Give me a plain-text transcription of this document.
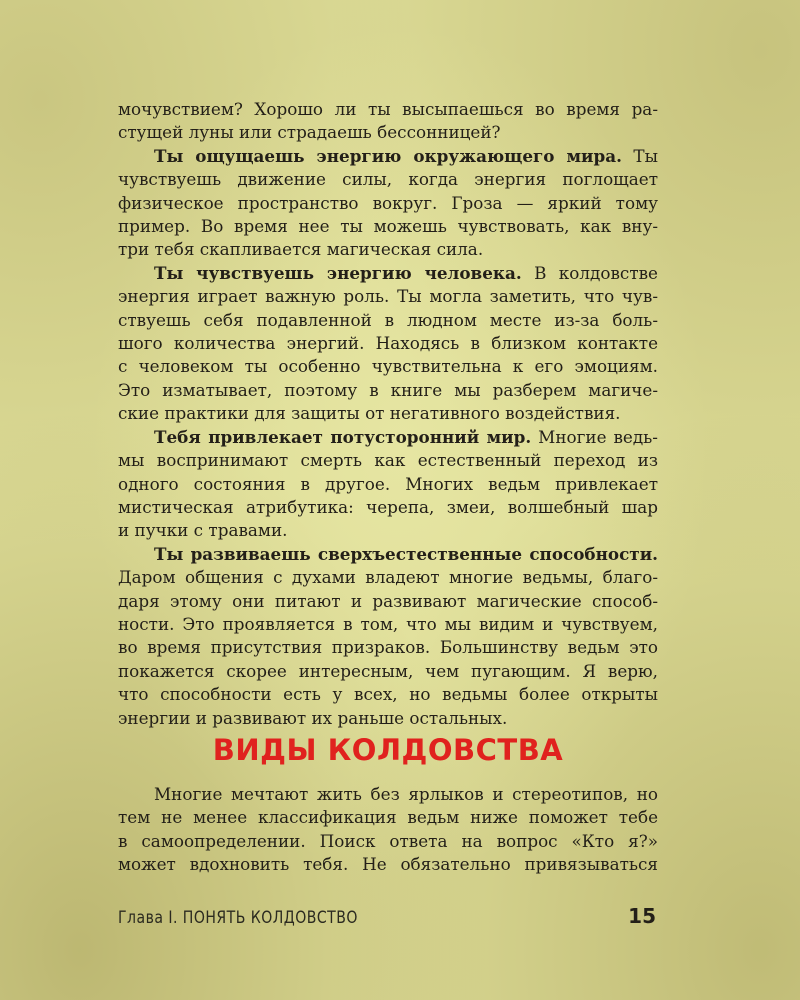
мочувствием? Хорошо ли ты высыпаешься во время ра-

стущей луны или страдаешь бессонницей?

Ты ощущаешь энергию окружающего мира. Ты

чувствуешь движение силы, когда энергия поглощает

физическое пространство вокруг. Гроза — яркий тому

пример. Во время нее ты можешь чувствовать, как вну-

три тебя скапливается магическая сила.

Ты чувствуешь энергию человека. В колдовстве

энергия играет важную роль. Ты могла заметить, что чув-

ствуешь себя подавленной в людном месте из-за боль-

шого количества энергий. Находясь в близком контакте

с человеком ты особенно чувствительна к его эмоциям.

Это изматывает, поэтому в книге мы разберем магиче-

ские практики для защиты от негативного воздействия.

Тебя привлекает потусторонний мир. Многие ведь-

мы воспринимают смерть как естественный переход из

одного состояния в другое. Многих ведьм привлекает

мистическая атрибутика: черепа, змеи, волшебный шар

и пучки с травами.

Ты развиваешь сверхъестественные способности.

Даром общения с духами владеют многие ведьмы, благо-

даря этому они питают и развивают магические способ-

ности. Это проявляется в том, что мы видим и чувствуем,

во время присутствия призраков. Большинству ведьм это

покажется скорее интересным, чем пугающим. Я верю,

что способности есть у всех, но ведьмы более открыты

энергии и развивают их раньше остальных.

ВИДЫ КОЛДОВСТВА

Многие мечтают жить без ярлыков и стереотипов, но

тем не менее классификация ведьм ниже поможет тебе

в самоопределении. Поиск ответа на вопрос «Кто я?»

может вдохновить тебя. Не обязательно привязываться

Глава I. ПОНЯТЬ КОЛДОВСТВО	15
